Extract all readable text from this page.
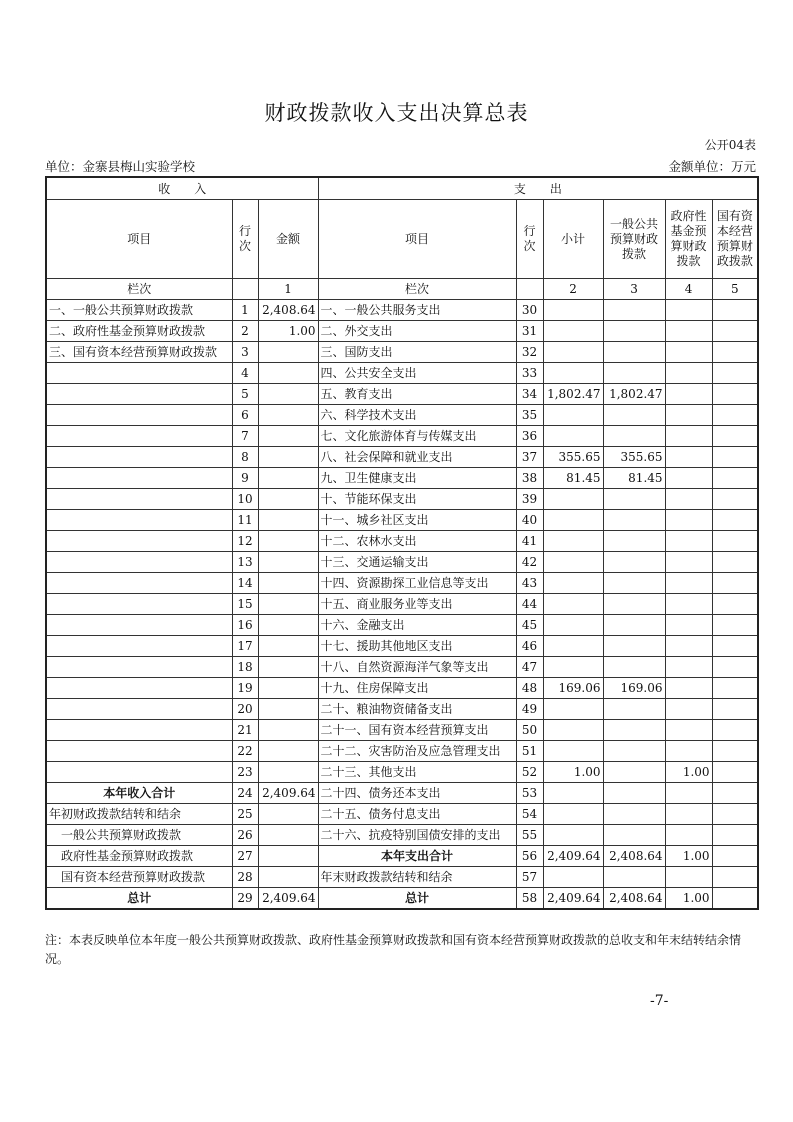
财政拨款收入支出决算总表
公开04表
单位：金寨县梅山实验学校	金额单位：万元
收　　入			支　　出					
项目	行次	金额	项目	行次	小计	一般公共预算财政拨款	政府性基金预算财政拨款	国有资本经营预算财政拨款
栏次		1	栏次		2	3	4	5
一、一般公共预算财政拨款	1	2,408.64	一、一般公共服务支出	30				
二、政府性基金预算财政拨款	2	1.00	二、外交支出	31				
三、国有资本经营预算财政拨款	3		三、国防支出	32				
	4		四、公共安全支出	33				
	5		五、教育支出	34	1,802.47	1,802.47		
	6		六、科学技术支出	35				
	7		七、文化旅游体育与传媒支出	36				
	8		八、社会保障和就业支出	37	355.65	355.65		
	9		九、卫生健康支出	38	81.45	81.45		
	10		十、节能环保支出	39				
	11		十一、城乡社区支出	40				
	12		十二、农林水支出	41				
	13		十三、交通运输支出	42				
	14		十四、资源勘探工业信息等支出	43				
	15		十五、商业服务业等支出	44				
	16		十六、金融支出	45				
	17		十七、援助其他地区支出	46				
	18		十八、自然资源海洋气象等支出	47				
	19		十九、住房保障支出	48	169.06	169.06		
	20		二十、粮油物资储备支出	49				
	21		二十一、国有资本经营预算支出	50				
	22		二十二、灾害防治及应急管理支出	51				
	23		二十三、其他支出	52	1.00		1.00	
本年收入合计	24	2,409.64	二十四、债务还本支出	53				
年初财政拨款结转和结余	25		二十五、债务付息支出	54				
一般公共预算财政拨款	26		二十六、抗疫特别国债安排的支出	55				
政府性基金预算财政拨款	27		本年支出合计	56	2,409.64	2,408.64	1.00	
国有资本经营预算财政拨款	28		年末财政拨款结转和结余	57				
总计	29	2,409.64	总计	58	2,409.64	2,408.64	1.00	
注：本表反映单位本年度一般公共预算财政拨款、政府性基金预算财政拨款和国有资本经营预算财政拨款的总收支和年末结转结余情况。
-7-
